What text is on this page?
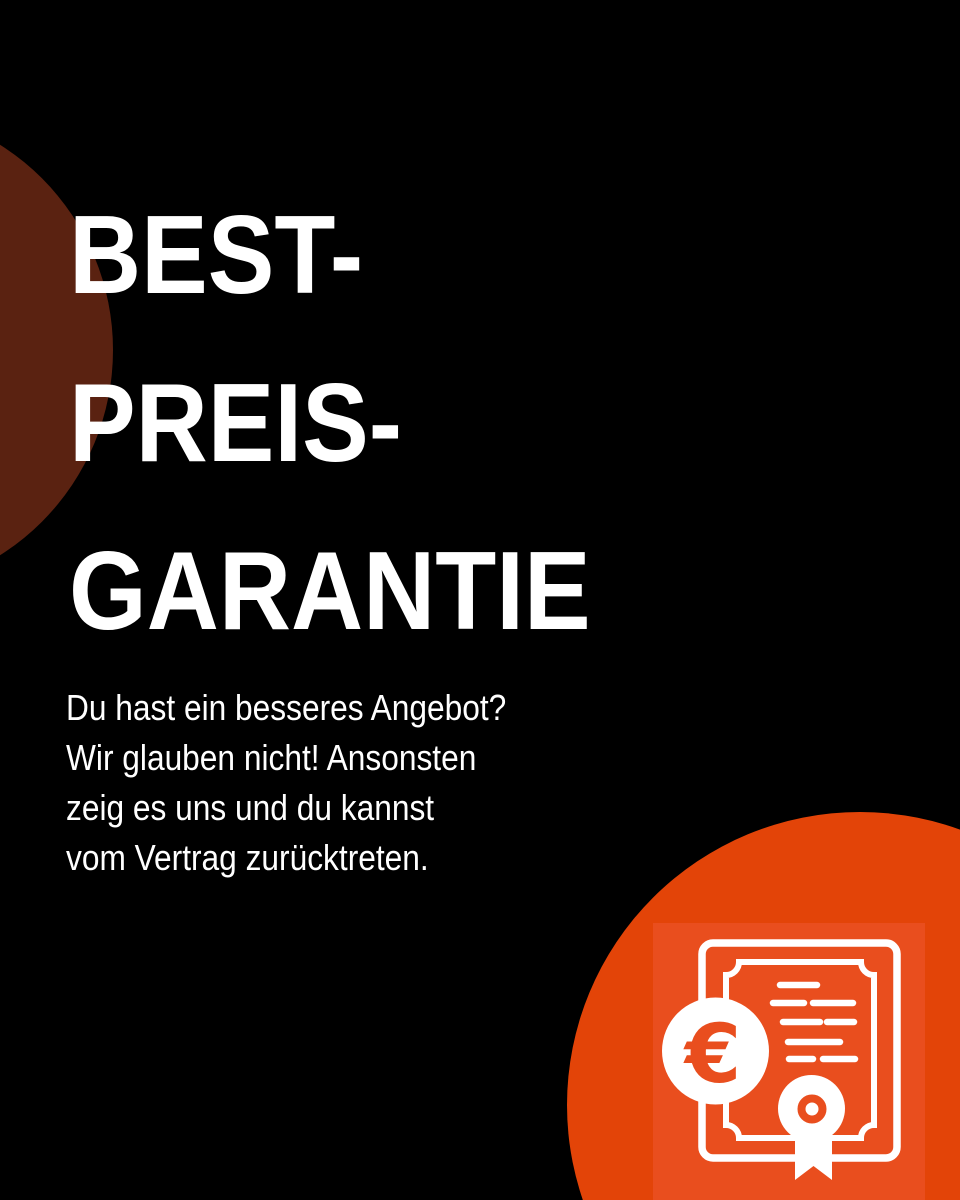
BEST-
PREIS-
GARANTIE

Du hast ein besseres Angebot?
Wir glauben nicht! Ansonsten
zeig es uns und du kannst
vom Vertrag zurücktreten.

€
